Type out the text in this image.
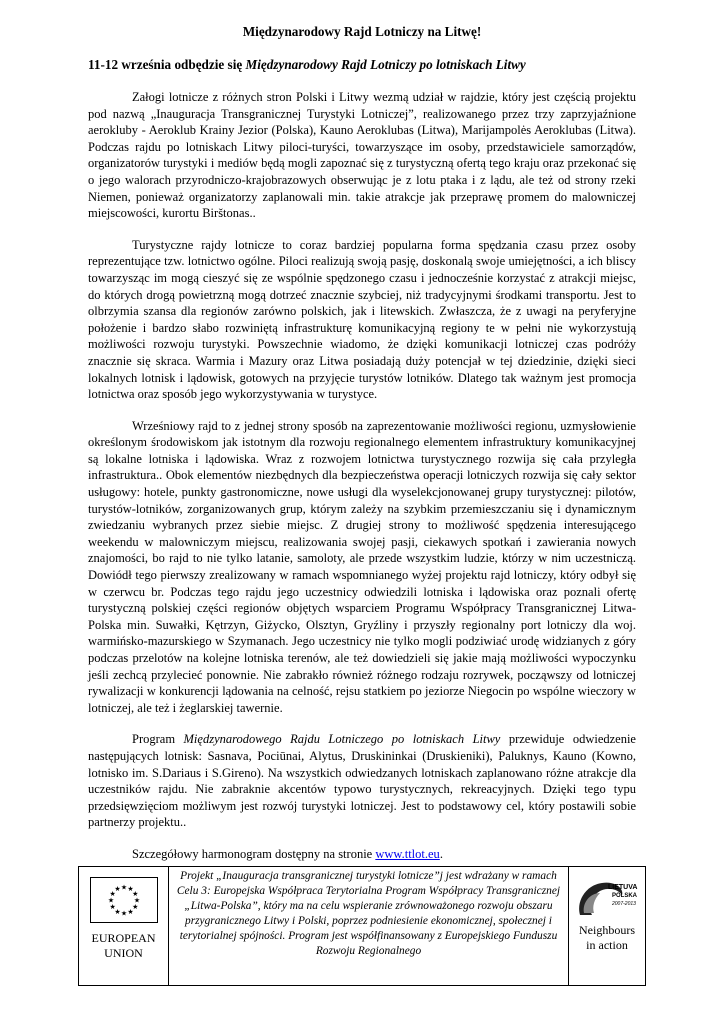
Międzynarodowy Rajd Lotniczy na Litwę!
11-12 września odbędzie się Międzynarodowy Rajd Lotniczy po lotniskach Litwy

Załogi lotnicze z różnych stron Polski i Litwy wezmą udział w rajdzie, który jest częścią projektu pod nazwą „Inauguracja Transgranicznej Turystyki Lotniczej”, realizowanego przez trzy zaprzyjaźnione aerokluby - Aeroklub Krainy Jezior (Polska), Kauno Aeroklubas (Litwa), Marijampolės Aeroklubas (Litwa). Podczas rajdu po lotniskach Litwy piloci-turyści, towarzyszące im osoby, przedstawiciele samorządów, organizatorów turystyki i mediów będą mogli zapoznać się z turystyczną ofertą tego kraju oraz przekonać się o jego walorach przyrodniczo-krajobrazowych obserwując je z lotu ptaka i z lądu, ale też od strony rzeki Niemen, ponieważ organizatorzy zaplanowali min. takie atrakcje jak przeprawę promem do malowniczej miejscowości, kurortu Birštonas..

Turystyczne rajdy lotnicze to coraz bardziej popularna forma spędzania czasu przez osoby reprezentujące tzw. lotnictwo ogólne. Piloci realizują swoją pasję, doskonalą swoje umiejętności, a ich bliscy towarzysząc im mogą cieszyć się ze wspólnie spędzonego czasu i jednocześnie korzystać z atrakcji miejsc, do których drogą powietrzną mogą dotrzeć znacznie szybciej, niż tradycyjnymi środkami transportu. Jest to olbrzymia szansa dla regionów zarówno polskich, jak i litewskich. Zwłaszcza, że z uwagi na peryferyjne położenie i bardzo słabo rozwiniętą infrastrukturę komunikacyjną regiony te w pełni nie wykorzystują możliwości rozwoju turystyki. Powszechnie wiadomo, że dzięki komunikacji lotniczej czas podróży znacznie się skraca. Warmia i Mazury oraz Litwa posiadają duży potencjał w tej dziedzinie, dzięki sieci lokalnych lotnisk i lądowisk, gotowych na przyjęcie turystów lotników. Dlatego tak ważnym jest promocja lotnictwa oraz sposób jego wykorzystywania w turystyce.

Wrześniowy rajd to z jednej strony sposób na zaprezentowanie możliwości regionu, uzmysłowienie określonym środowiskom jak istotnym dla rozwoju regionalnego elementem infrastruktury komunikacyjnej są lokalne lotniska i lądowiska. Wraz z rozwojem lotnictwa turystycznego rozwija się cała przyległa infrastruktura.. Obok elementów niezbędnych dla bezpieczeństwa operacji lotniczych rozwija się cały sektor usługowy: hotele, punkty gastronomiczne, nowe usługi dla wyselekcjonowanej grupy turystycznej: pilotów, turystów-lotników, zorganizowanych grup, którym zależy na szybkim przemieszczaniu się i dynamicznym zwiedzaniu wybranych przez siebie miejsc. Z drugiej strony to możliwość spędzenia interesującego weekendu w malowniczym miejscu, realizowania swojej pasji, ciekawych spotkań i zawierania nowych znajomości, bo rajd to nie tylko latanie, samoloty, ale przede wszystkim ludzie, którzy w nim uczestniczą. Dowiódł tego pierwszy zrealizowany w ramach wspomnianego wyżej projektu rajd lotniczy, który odbył się w czerwcu br. Podczas tego rajdu jego uczestnicy odwiedzili lotniska i lądowiska oraz poznali ofertę turystyczną polskiej części regionów objętych wsparciem Programu Współpracy Transgranicznej Litwa-Polska min. Suwałki, Kętrzyn, Giżycko, Olsztyn, Gryźliny i przyszły regionalny port lotniczy dla woj. warmińsko-mazurskiego w Szymanach. Jego uczestnicy nie tylko mogli podziwiać urodę widzianych z góry podczas przelotów na kolejne lotniska terenów, ale też dowiedzieli się jakie mają możliwości wypoczynku jeśli zechcą przylecieć ponownie. Nie zabrakło również różnego rodzaju rozrywek, począwszy od lotniczej rywalizacji w konkurencji lądowania na celność, rejsu statkiem po jeziorze Niegocin po wspólne wieczory w lotniczej, ale też i żeglarskiej tawernie.

Program Międzynarodowego Rajdu Lotniczego po lotniskach Litwy przewiduje odwiedzenie następujących lotnisk: Sasnava, Pociūnai, Alytus, Druskininkai (Druskieniki), Paluknys, Kauno (Kowno, lotnisko im. S.Dariaus i S.Gireno). Na wszystkich odwiedzanych lotniskach zaplanowano różne atrakcje dla uczestników rajdu. Nie zabraknie akcentów typowo turystycznych, rekreacyjnych. Dzięki tego typu przedsięwzięciom możliwym jest rozwój turystyki lotniczej. Jest to podstawowy cel, który postawili sobie partnerzy projektu..

Szczegółowy harmonogram dostępny na stronie www.ttlot.eu.

★ ★
★
★
★
★
★
★
★
★
★
★
EUROPEAN
UNION
Projekt „Inauguracja transgranicznej turystyki lotnicze”j jest wdrażany w ramach Celu 3: Europejska Współpraca Terytorialna Program Współpracy Transgranicznej „Litwa-Polska”, który ma na celu wspieranie zrównoważonego rozwoju obszaru przygranicznego Litwy i Polski, poprzez podniesienie ekonomicznej, społecznej i terytorialnej spójności. Program jest współfinansowany z Europejskiego Funduszu Rozwoju Regionalnego
LIETUVA
POLSKA
2007-2013
Neighbours
in action
